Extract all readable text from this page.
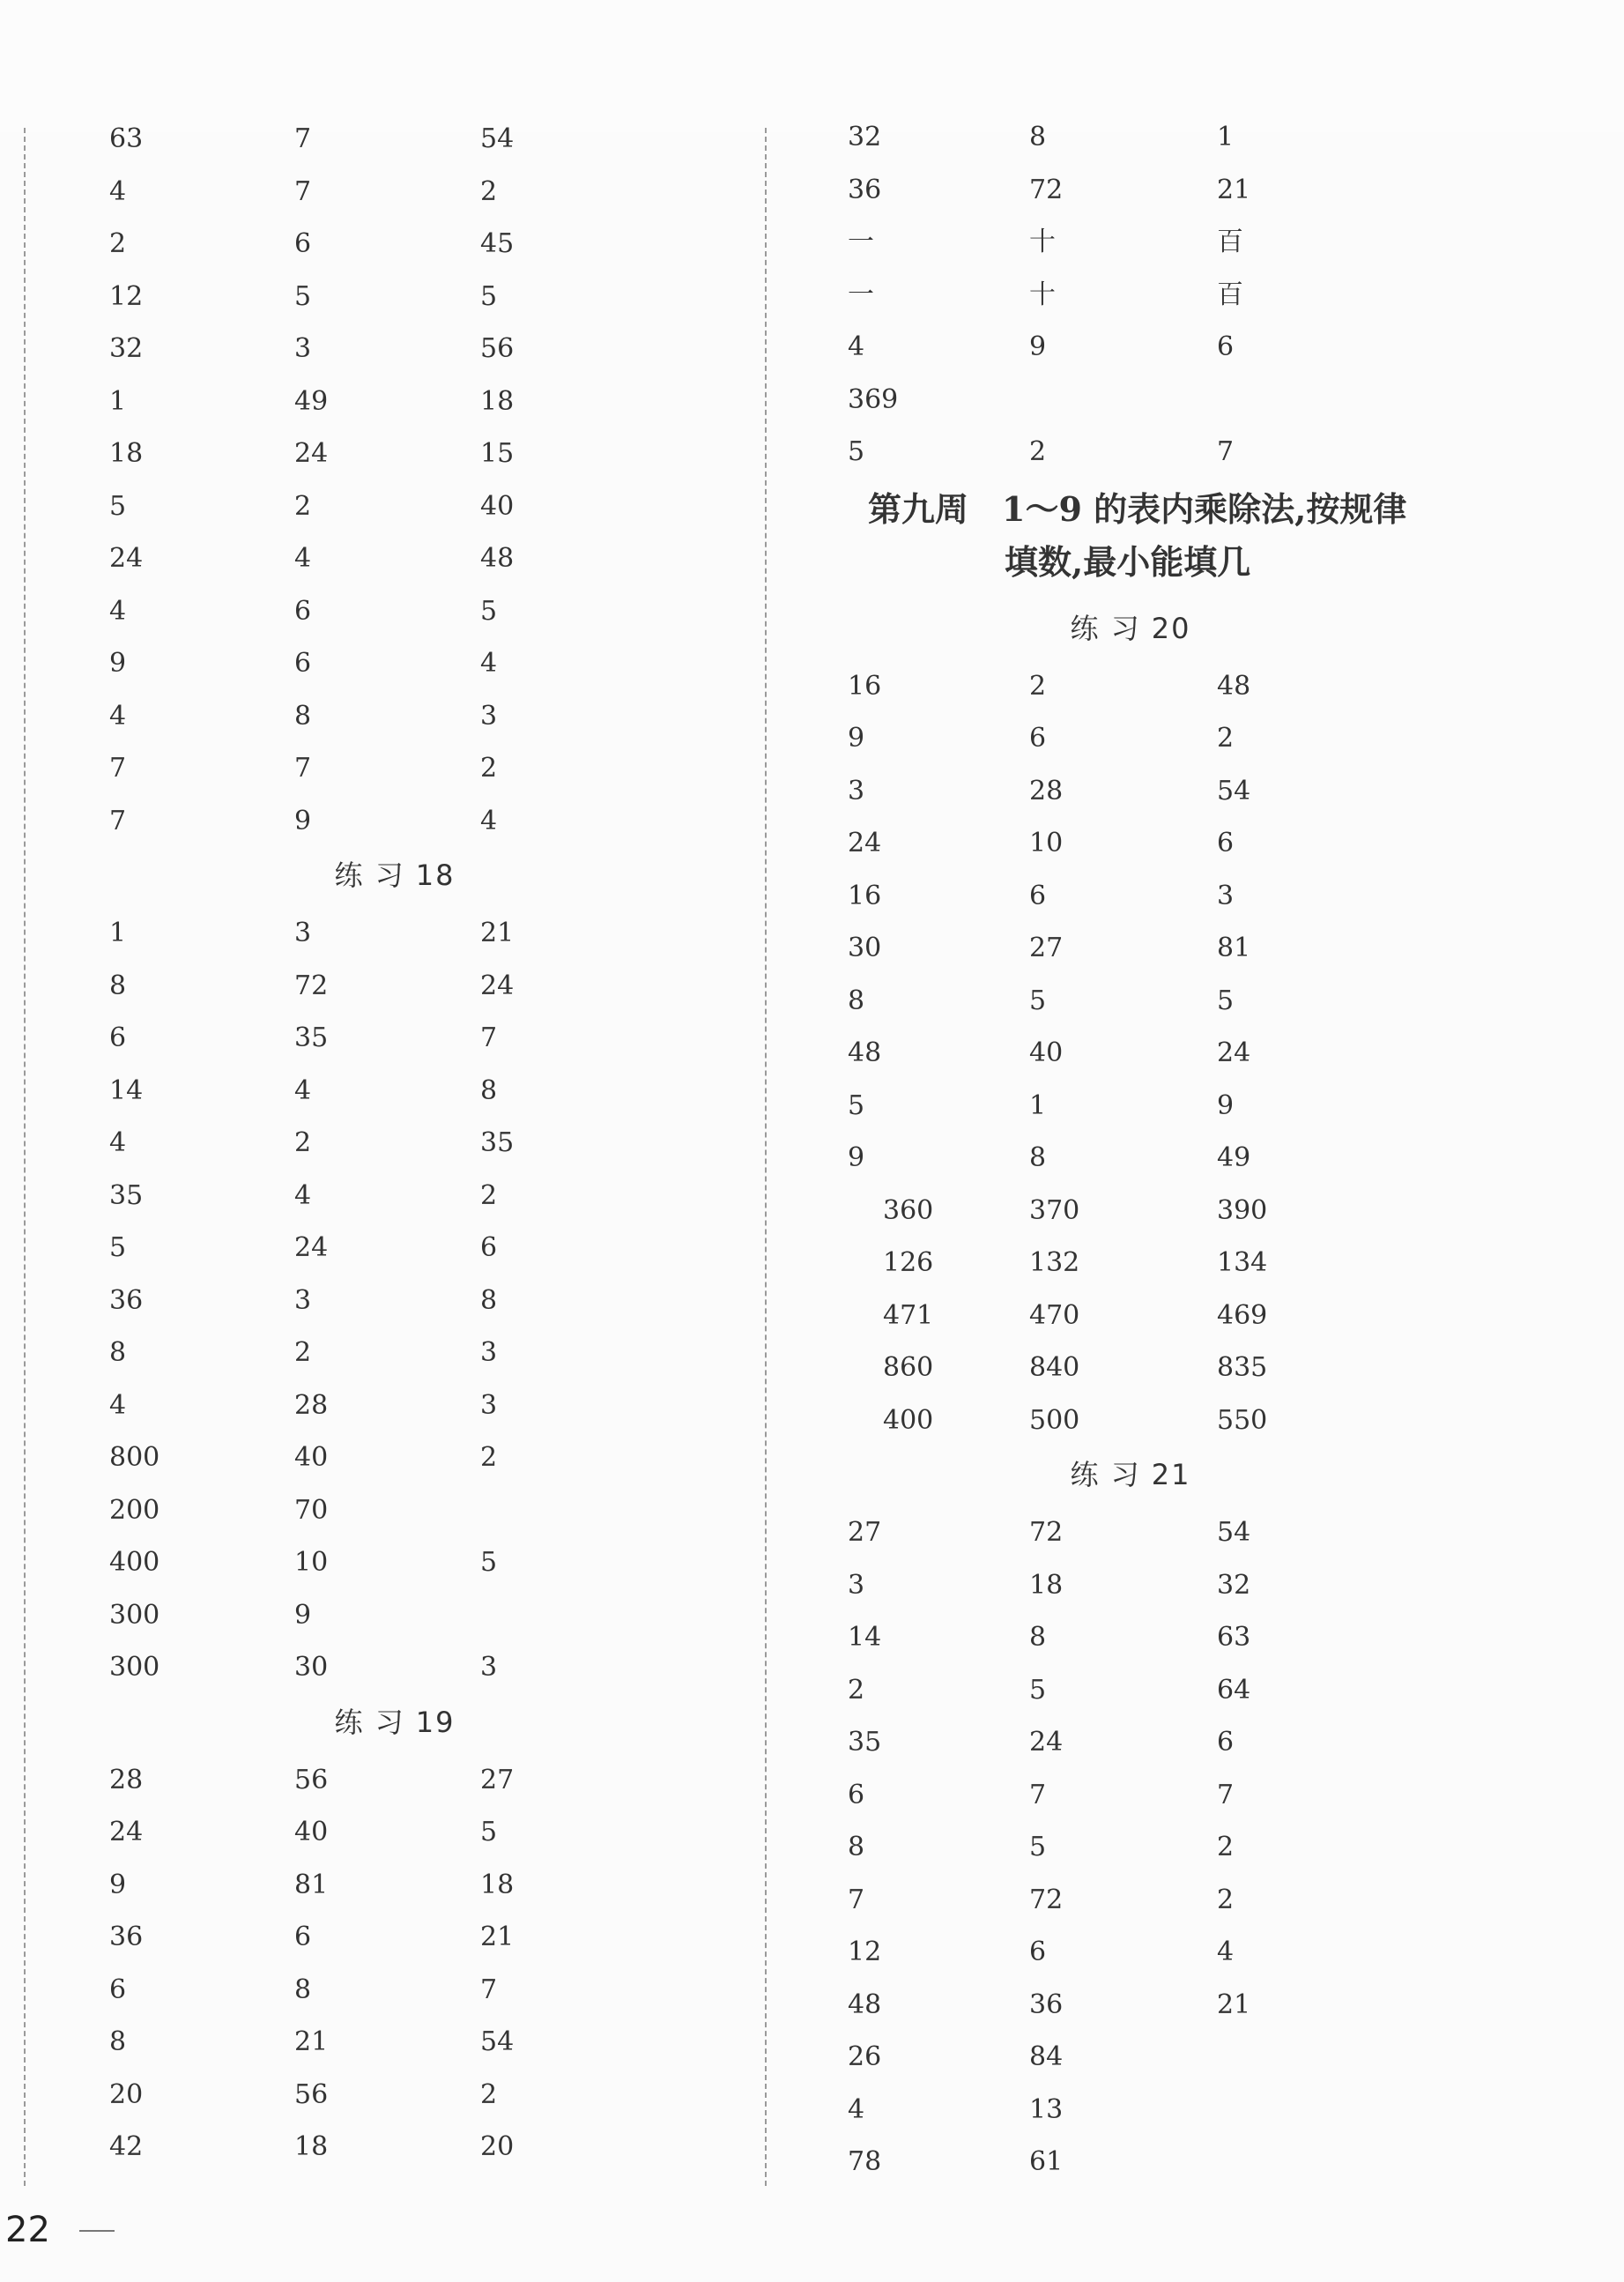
63	7	54
4	7	2
2	6	45
12	5	5
32	3	56
1	49	18
18	24	15
5	2	40
24	4	48
4	6	5
9	6	4
4	8	3
7	7	2
7	9	4
练 习 18
1	3	21
8	72	24
6	35	7
14	4	8
4	2	35
35	4	2
5	24	6
36	3	8
8	2	3
4	28	3
800	40	2
200	70
400	10	5
300	9
300	30	3
练 习 19
28	56	27
24	40	5
9	81	18
36	6	21
6	8	7
8	21	54
20	56	2
42	18	20
32	8	1
36	72	21
一	十	百
一	十	百
4	9	6
369
5	2	7
第九周　1～9 的表内乘除法,按规律
填数,最小能填几
练 习 20
16	2	48
9	6	2
3	28	54
24	10	6
16	6	3
30	27	81
8	5	5
48	40	24
5	1	9
9	8	49
360	370	390
126	132	134
471	470	469
860	840	835
400	500	550
练 习 21
27	72	54
3	18	32
14	8	63
2	5	64
35	24	6
6	7	7
8	5	2
7	72	2
12	6	4
48	36	21
26	84
4	13
78	61
22
